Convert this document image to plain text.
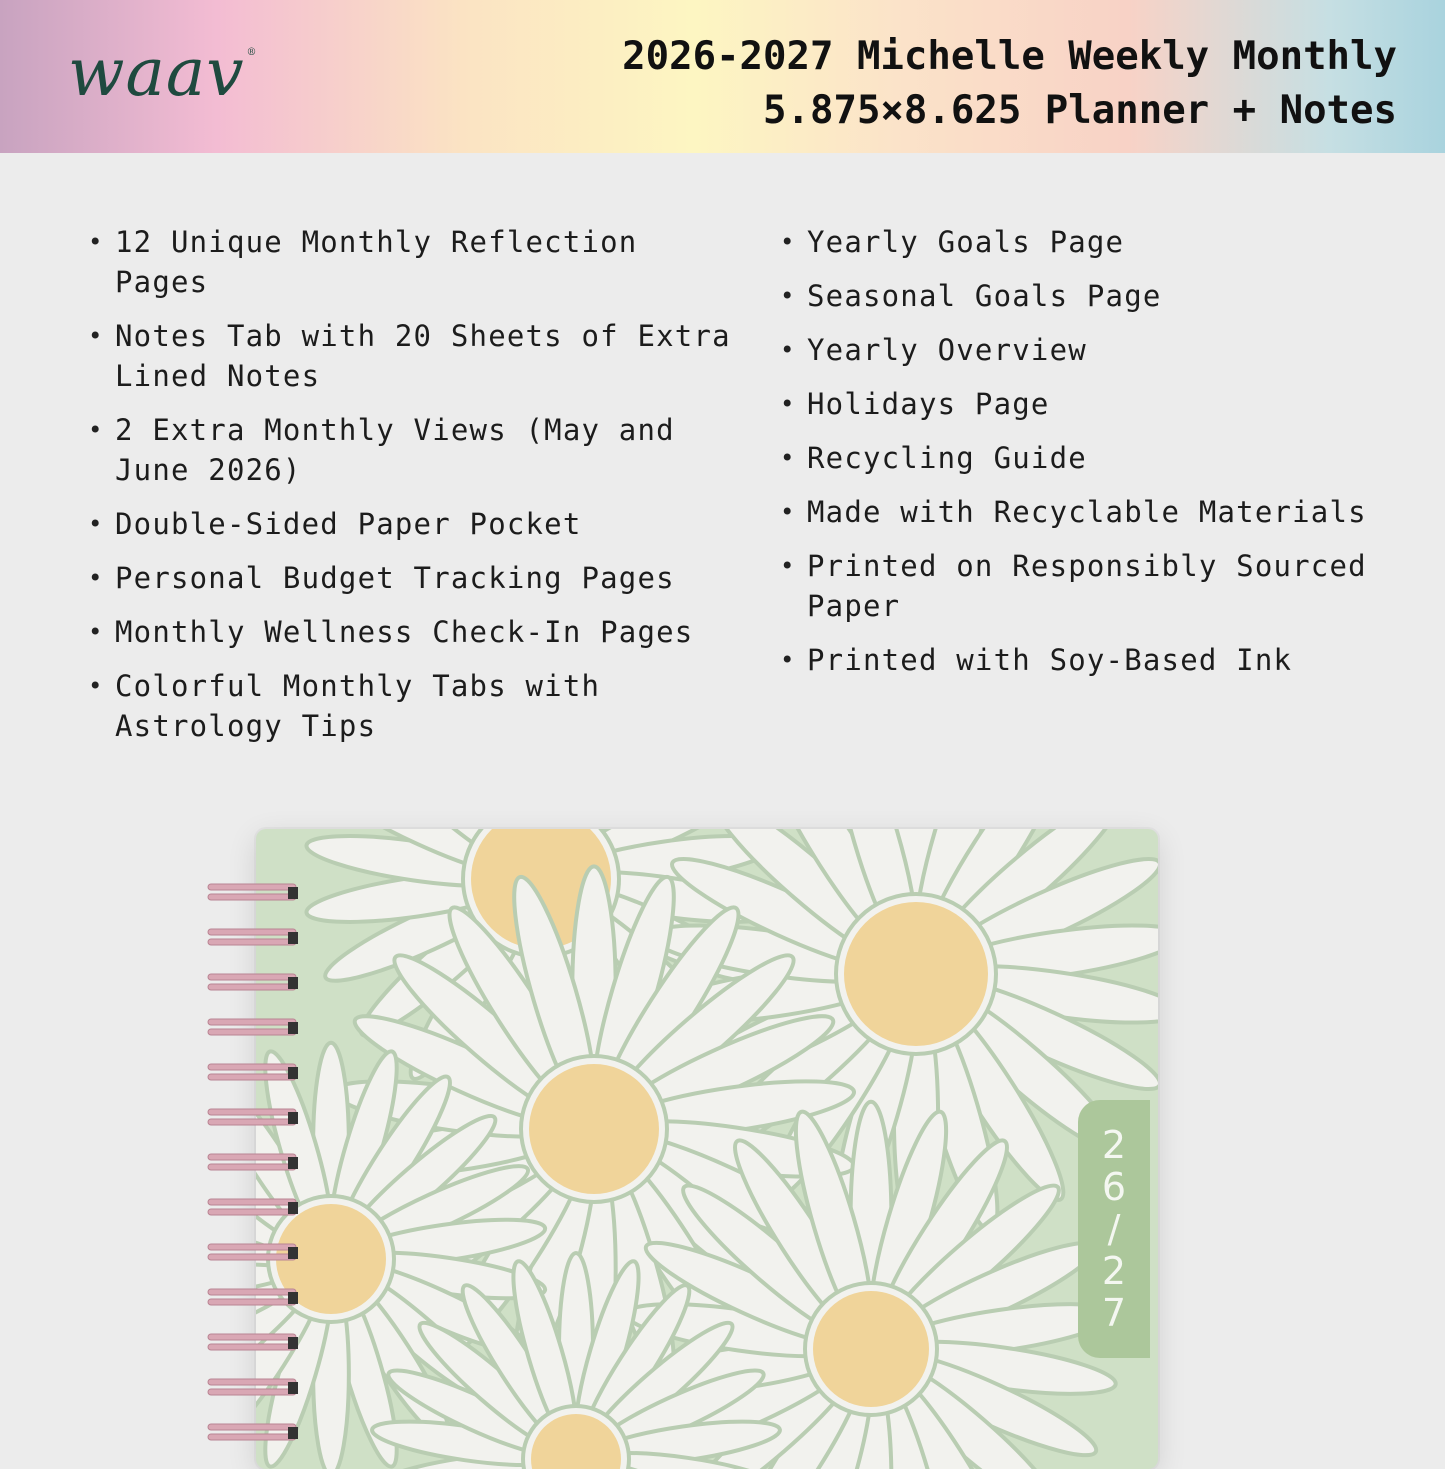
waav ®	2026-2027 Michelle Weekly Monthly
5.875×8.625 Planner + Notes
• 12 Unique Monthly Reflection Pages
• Notes Tab with 20 Sheets of Extra Lined Notes
• 2 Extra Monthly Views (May and June 2026)
• Double-Sided Paper Pocket
• Personal Budget Tracking Pages
• Monthly Wellness Check-In Pages
• Colorful Monthly Tabs with Astrology Tips
• Yearly Goals Page
• Seasonal Goals Page
• Yearly Overview
• Holidays Page
• Recycling Guide
• Made with Recyclable Materials
• Printed on Responsibly Sourced Paper
• Printed with Soy-Based Ink
2
6
/
2
7
